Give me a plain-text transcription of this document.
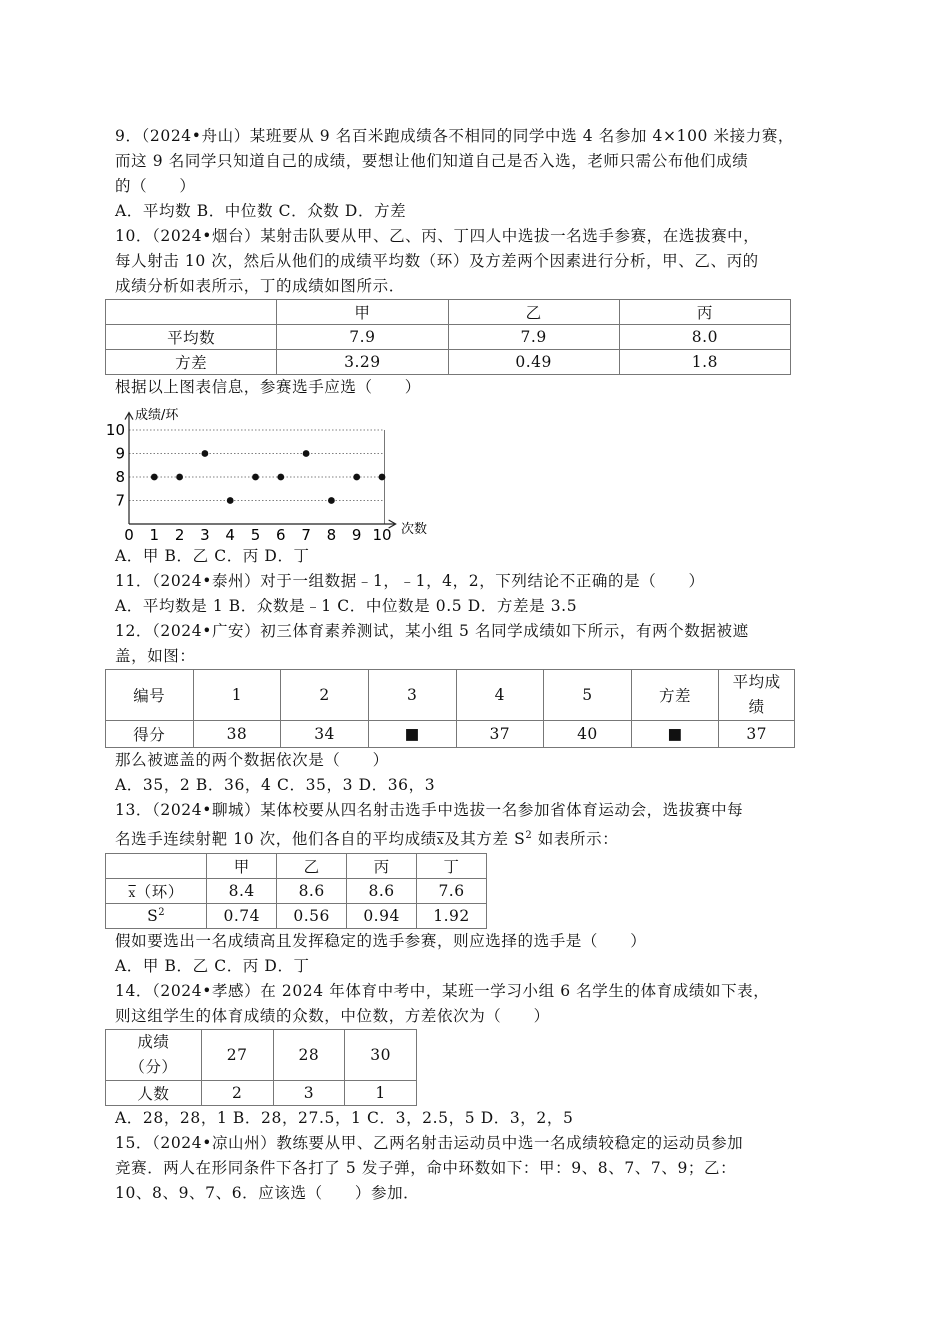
9．（2024•舟山）某班要从 9 名百米跑成绩各不相同的同学中选 4 名参加 4×100 米接力赛，

而这 9 名同学只知道自己的成绩，要想让他们知道自己是否入选，老师只需公布他们成绩

的（　　）

A．平均数 B．中位数 C．众数 D．方差

10．（2024•烟台）某射击队要从甲、乙、丙、丁四人中选拔一名选手参赛，在选拔赛中，

每人射击 10 次，然后从他们的成绩平均数（环）及方差两个因素进行分析，甲、乙、丙的

成绩分析如表所示，丁的成绩如图所示．

	甲	乙	丙
平均数	7.9	7.9	8.0
方差	3.29	0.49	1.8

根据以上图表信息，参赛选手应选（　　）

0 1 2 3 4 5 6 7 8 9 10
7
8
9
10
成绩/环
次数

A．甲 B．乙 C．丙 D．丁

11．（2024•泰州）对于一组数据﹣1，﹣1，4，2，下列结论不正确的是（　　）

A．平均数是 1 B．众数是﹣1 C．中位数是 0.5 D．方差是 3.5

12．（2024•广安）初三体育素养测试，某小组 5 名同学成绩如下所示，有两个数据被遮

盖，如图：

编号	1	2	3	4	5	方差	平均成绩
得分	38	34	■	37	40	■	37

那么被遮盖的两个数据依次是（　　）

A．35，2 B．36，4 C．35，3 D．36，3

13．（2024•聊城）某体校要从四名射击选手中选拔一名参加省体育运动会，选拔赛中每

名选手连续射靶 10 次，他们各自的平均成绩$\overline{x}$及其方差 $S^2$ 如表所示：

	甲	乙	丙	丁
$\overline{x}$（环）	8.4	8.6	8.6	7.6
$S^2$	0.74	0.56	0.94	1.92

假如要选出一名成绩高且发挥稳定的选手参赛，则应选择的选手是（　　）

A．甲 B．乙 C．丙 D．丁

14．（2024•孝感）在 2024 年体育中考中，某班一学习小组 6 名学生的体育成绩如下表，

则这组学生的体育成绩的众数，中位数，方差依次为（　　）

成绩
（分）	27	28	30
人数	2	3	1

A．28，28，1 B．28，27.5，1 C．3，2.5，5 D．3，2，5

15．（2024•凉山州）教练要从甲、乙两名射击运动员中选一名成绩较稳定的运动员参加

竞赛．两人在形同条件下各打了 5 发子弹，命中环数如下：甲：9、8、7、7、9；乙：

10、8、9、7、6．应该选（　　）参加．
